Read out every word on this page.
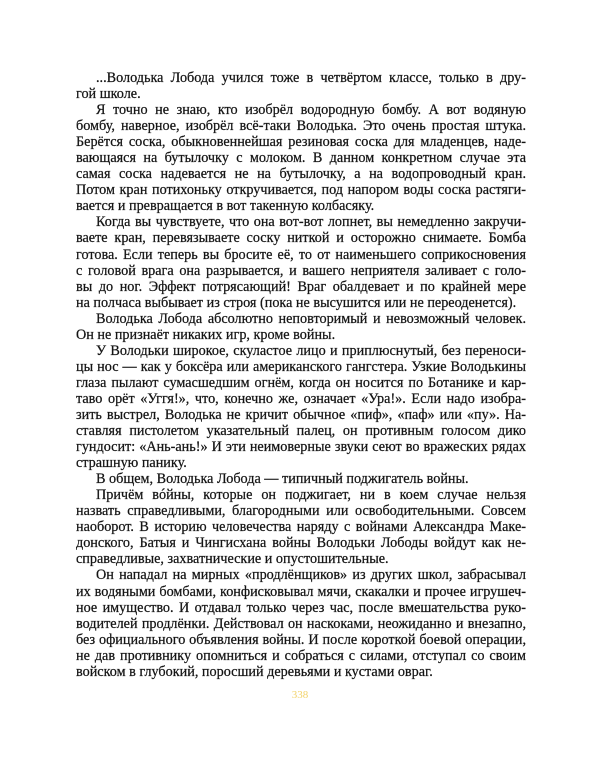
...Володька Лобода учился тоже в четвёртом классе, только в дру-
гой школе.

Я точно не знаю, кто изобрёл водородную бомбу. А вот водяную
бомбу, наверное, изобрёл всё-таки Володька. Это очень простая штука.
Берётся соска, обыкновеннейшая резиновая соска для младенцев, наде-
вающаяся на бутылочку с молоком. В данном конкретном случае эта
самая соска надевается не на бутылочку, а на водопроводный кран.
Потом кран потихоньку откручивается, под напором воды соска растяги-
вается и превращается в вот такенную колбасяку.

Когда вы чувствуете, что она вот-вот лопнет, вы немедленно закручи-
ваете кран, перевязываете соску ниткой и осторожно снимаете. Бомба
готова. Если теперь вы бросите её, то от наименьшего соприкосновения
с головой врага она разрывается, и вашего неприятеля заливает с голо-
вы до ног. Эффект потрясающий! Враг обалдевает и по крайней мере
на полчаса выбывает из строя (пока не высушится или не переоденется).

Володька Лобода абсолютно неповторимый и невозможный человек.
Он не признаёт никаких игр, кроме войны.

У Володьки широкое, скуластое лицо и приплюснутый, без переноси-
цы нос — как у боксёра или американского гангстера. Узкие Володькины
глаза пылают сумасшедшим огнём, когда он носится по Ботанике и кар-
таво орёт «Уггя!», что, конечно же, означает «Ура!». Если надо изобра-
зить выстрел, Володька не кричит обычное «пиф», «паф» или «пу». На-
ставляя пистолетом указательный палец, он противным голосом дико
гундосит: «Ань-ань!» И эти неимоверные звуки сеют во вражеских рядах
страшную панику.

В общем, Володька Лобода — типичный поджигатель войны.

Причём вóйны, которые он поджигает, ни в коем случае нельзя
назвать справедливыми, благородными или освободительными. Совсем
наоборот. В историю человечества наряду с войнами Александра Маке-
донского, Батыя и Чингисхана войны Володьки Лободы войдут как не-
справедливые, захватнические и опустошительные.

Он нападал на мирных «продлёнщиков» из других школ, забрасывал
их водяными бомбами, конфисковывал мячи, скакалки и прочее игрушеч-
ное имущество. И отдавал только через час, после вмешательства руко-
водителей продлёнки. Действовал он наскоками, неожиданно и внезапно,
без официального объявления войны. И после короткой боевой операции,
не дав противнику опомниться и собраться с силами, отступал со своим
войском в глубокий, поросший деревьями и кустами овраг.

338
